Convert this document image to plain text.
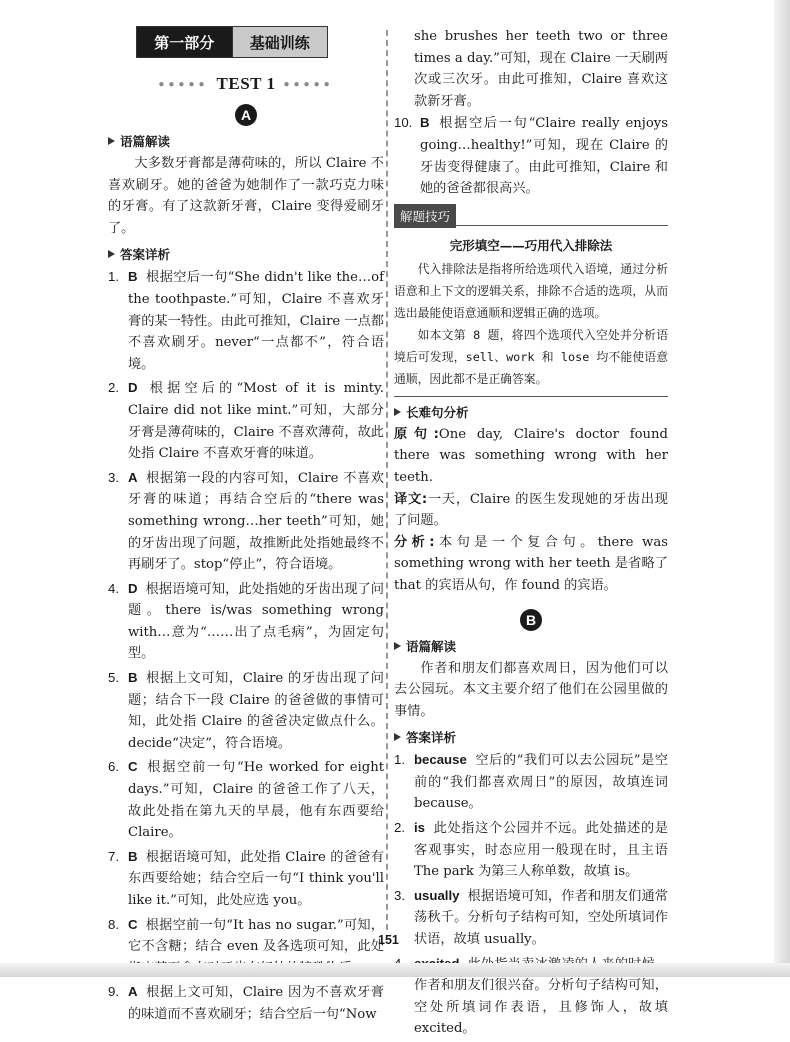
第一部分	基础训练
●●●●● TEST 1 ●●●●●
A
语篇解读

大多数牙膏都是薄荷味的，所以 Claire 不喜欢刷牙。她的爸爸为她制作了一款巧克力味的牙膏。有了这款新牙膏，Claire 变得爱刷牙了。

答案详析
1. B 根据空后一句“She didn't like the…of the toothpaste.”可知，Claire 不喜欢牙膏的某一特性。由此可推知，Claire 一点都不喜欢刷牙。never“一点都不”，符合语境。
2. D 根据空后的“Most of it is minty. Claire did not like mint.”可知，大部分牙膏是薄荷味的，Claire 不喜欢薄荷，故此处指 Claire 不喜欢牙膏的味道。
3. A 根据第一段的内容可知，Claire 不喜欢牙膏的味道；再结合空后的“there was something wrong…her teeth”可知，她的牙齿出现了问题，故推断此处指她最终不再刷牙了。stop“停止”，符合语境。
4. D 根据语境可知，此处指她的牙齿出现了问题。there is/was something wrong with…意为“……出了点毛病”，为固定句型。
5. B 根据上文可知，Claire 的牙齿出现了问题；结合下一段 Claire 的爸爸做的事情可知，此处指 Claire 的爸爸决定做点什么。decide“决定”，符合语境。
6. C 根据空前一句“He worked for eight days.”可知，Claire 的爸爸工作了八天，故此处指在第九天的早晨，他有东西要给 Claire。
7. B 根据语境可知，此处指 Claire 的爸爸有东西要给她；结合空后一句“I think you'll like it.”可知，此处应选 you。
8. C 根据空前一句“It has no sugar.”可知，它不含糖；结合 even 及各选项可知，此处
9. A 根据上文可知，Claire 因为不喜欢牙膏的味道而不喜欢刷牙；结合空后一句“Now

she brushes her teeth two or three times a day.”可知，现在 Claire 一天刷两次或三次牙。由此可推知，Claire 喜欢这款新牙膏。

10. B 根据空后一句“Claire really enjoys going…healthy!”可知，现在 Claire 的牙齿变得健康了。由此可推知，Claire 和她的爸爸都很高兴。
解题技巧
完形填空——巧用代入排除法

代入排除法是指将所给选项代入语境，通过分析语意和上下文的逻辑关系，排除不合适的选项，从而选出最能使语意通顺和逻辑正确的选项。

如本文第 8 题，将四个选项代入空处并分析语境后可发现，sell、work 和 lose 均不能使语意通顺，因此都不是正确答案。

长难句分析

原句:One day, Claire's doctor found there was something wrong with her teeth.

译文:一天，Claire 的医生发现她的牙齿出现了问题。

分析:本句是一个复合句。there was something wrong with her teeth 是省略了 that 的宾语从句，作 found 的宾语。

B
语篇解读

作者和朋友们都喜欢周日，因为他们可以去公园玩。本文主要介绍了他们在公园里做的事情。

答案详析
1. because 空后的“我们可以去公园玩”是空前的“我们都喜欢周日”的原因，故填连词 because。
2. is 此处指这个公园并不远。此处描述的是客观事实，时态应用一般现在时，且主语 The park 为第三人称单数，故填 is。
3. usually 根据语境可知，作者和朋友们通常荡秋千。分析句子结构可知，空处所填词作状语，故填 usually。
作者和朋友们很兴奋。分析句子结构可知，空处所填词作表语，且修饰人，故填 excited。
151
